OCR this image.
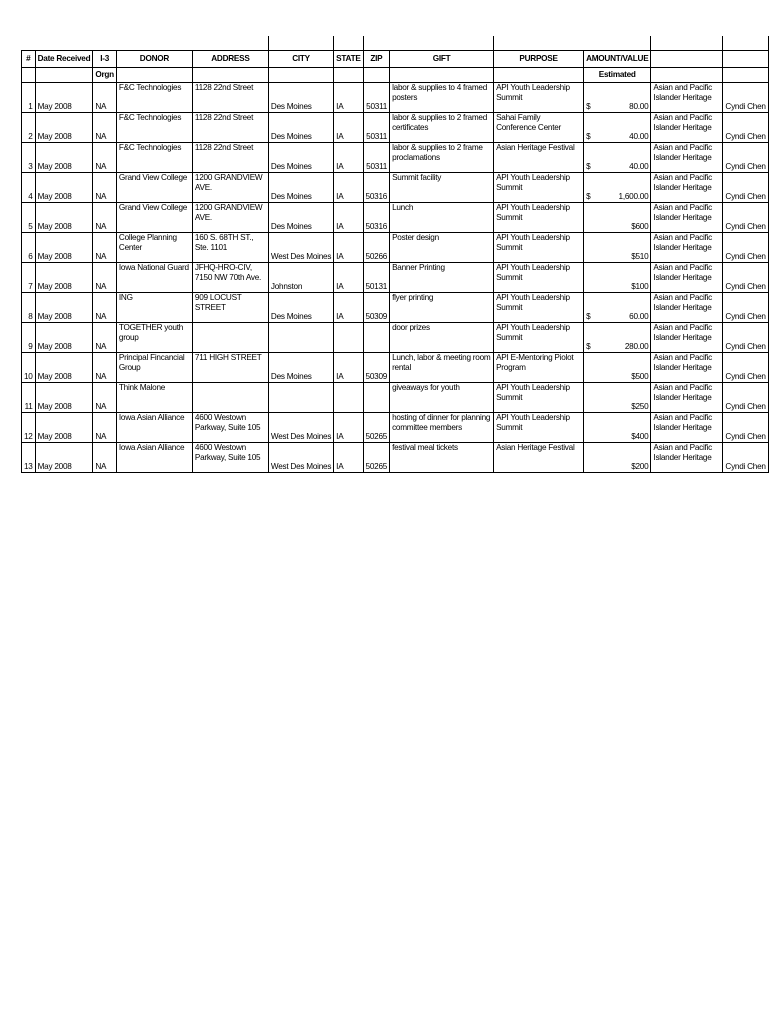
#	Date Received	I-3	DONOR	ADDRESS	CITY	STATE	ZIP	GIFT	PURPOSE	AMOUNT/VALUE		
		Orgn								Estimated		
1	May 2008	NA	F&C Technologies	1128 22nd Street	Des Moines	IA	50311	labor & supplies to 4 framed posters	API Youth Leadership Summit	$ 80.00	Asian and Pacific Islander Heritage	Cyndi Chen
2	May 2008	NA	F&C Technologies	1128 22nd Street	Des Moines	IA	50311	labor & supplies to 2 framed certificates	Sahai Family Conference Center	$ 40.00	Asian and Pacific Islander Heritage	Cyndi Chen
3	May 2008	NA	F&C Technologies	1128 22nd Street	Des Moines	IA	50311	labor & supplies to 2 frame proclamations	Asian Heritage Festival	$ 40.00	Asian and Pacific Islander Heritage	Cyndi Chen
4	May 2008	NA	Grand View College	1200 GRANDVIEW AVE.	Des Moines	IA	50316	Summit facility	API Youth Leadership Summit	$ 1,600.00	Asian and Pacific Islander Heritage	Cyndi Chen
5	May 2008	NA	Grand View College	1200 GRANDVIEW AVE.	Des Moines	IA	50316	Lunch	API Youth Leadership Summit	$600	Asian and Pacific Islander Heritage	Cyndi Chen
6	May 2008	NA	College Planning Center	160 S. 68TH ST., Ste. 1101	West Des Moines	IA	50266	Poster design	API Youth Leadership Summit	$510	Asian and Pacific Islander Heritage	Cyndi Chen
7	May 2008	NA	Iowa National Guard	JFHQ-HRO-CIV, 7150 NW 70th Ave.	Johnston	IA	50131	Banner Printing	API Youth Leadership Summit	$100	Asian and Pacific Islander Heritage	Cyndi Chen
8	May 2008	NA	ING	909 LOCUST STREET	Des Moines	IA	50309	flyer printing	API Youth Leadership Summit	$ 60.00	Asian and Pacific Islander Heritage	Cyndi Chen
9	May 2008	NA	TOGETHER youth group					door prizes	API Youth Leadership Summit	$ 280.00	Asian and Pacific Islander Heritage	Cyndi Chen
10	May 2008	NA	Principal Fincancial Group	711 HIGH STREET	Des Moines	IA	50309	Lunch, labor & meeting room rental	API E-Mentoring Piolot Program	$500	Asian and Pacific Islander Heritage	Cyndi Chen
11	May 2008	NA	Think Malone					giveaways for youth	API Youth Leadership Summit	$250	Asian and Pacific Islander Heritage	Cyndi Chen
12	May 2008	NA	Iowa Asian Alliance	4600 Westown Parkway, Suite 105	West Des Moines	IA	50265	hosting of dinner for planning committee members	API Youth Leadership Summit	$400	Asian and Pacific Islander Heritage	Cyndi Chen
13	May 2008	NA	Iowa Asian Alliance	4600 Westown Parkway, Suite 105	West Des Moines	IA	50265	festival meal tickets	Asian Heritage Festival	$200	Asian and Pacific Islander Heritage	Cyndi Chen
